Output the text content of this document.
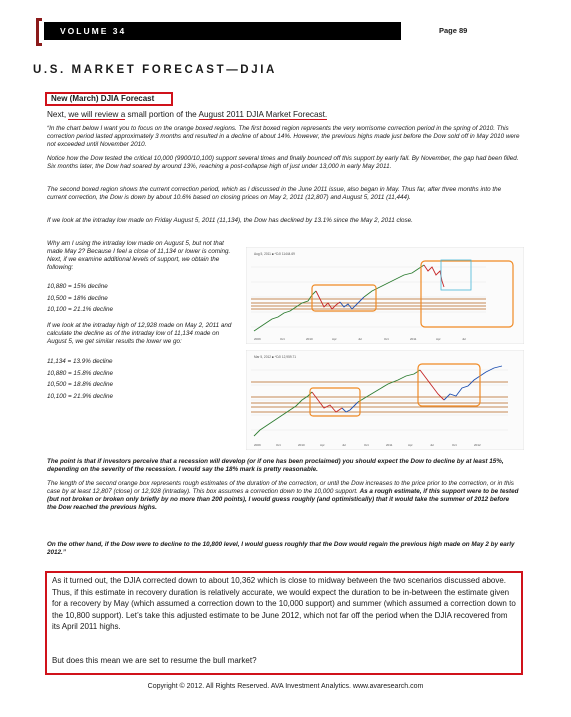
VOLUME 34	Page 89
U.S. MARKET FORECAST—DJIA
New (March) DJIA Forecast
Next, we will review a small portion of the August 2011 DJIA Market Forecast.

“In the chart below I want you to focus on the orange boxed regions. The first boxed region represents the very worrisome correction period in the spring of 2010. This correction period lasted approximately 3 months and resulted in a decline of about 14%. However, the previous highs made just before the Dow sold off in May 2010 were not exceeded until November 2010.

Notice how the Dow tested the critical 10,000 (9900/10,100) support several times and finally bounced off this support by early fall. By November, the gap had been filled. Six months later, the Dow had soared by around 13%, reaching a post-collapse high of just under 13,000 in early May 2011.

The second boxed region shows the current correction period, which as I discussed in the June 2011 issue, also began in May. Thus far, after three months into the current correction, the Dow is down by about 10.6% based on closing prices on May 2, 2011 (12,807) and August 5, 2011 (11,444).

If we look at the intraday low made on Friday August 5, 2011 (11,134), the Dow has declined by 13.1% since the May 2, 2011 close.

Why am I using the intraday low made on August 5, but not that made May 2? Because I feel a close of 11,134 or lower is coming. Next, if we examine additional levels of support, we obtain the following:

10,880 = 15% decline
10,500 = 18% decline
10,100 = 21.1% decline

If we look at the intraday high of 12,928 made on May 2, 2011 and calculate the decline as of the intraday low of 11,134 made on August 5, we get similar results the lower we go:

11,134 = 13.9% decline
10,880 = 15.8% decline
10,500 = 18.8% decline
10,100 = 21.9% decline
Aug 5, 2011 ■ ^DJI 11444.69
2009	Oct	2010	Apr	Jul	Oct	2011	Apr	Jul
Mar 5, 2012 ■ ^DJI 12,959.71
2009	Oct	2010	Apr	Jul	Oct	2011	Apr	Jul	Oct	2012

The point is that if investors perceive that a recession will develop (or if one has been proclaimed) you should expect the Dow to decline by at least 15%, depending on the severity of the recession. I would say the 18% mark is pretty reasonable.

The length of the second orange box represents rough estimates of the duration of the correction, or until the Dow increases to the price prior to the correction, or in this case by at least 12,807 (close) or 12,928 (intraday). This box assumes a correction down to the 10,000 support. As a rough estimate, if this support were to be tested (but not broken or broken only briefly by no more than 200 points), I would guess roughly (and optimistically) that it would take the summer of 2012 before the Dow reached the previous highs.

On the other hand, if the Dow were to decline to the 10,800 level, I would guess roughly that the Dow would regain the previous high made on May 2 by early 2012.”

As it turned out, the DJIA corrected down to about 10,362 which is close to midway between the two scenarios discussed above. Thus, if this estimate in recovery duration is relatively accurate, we would expect the duration to be in-between the estimate given for a recovery by May (which assumed a correction down to the 10,000 support) and summer (which assumed a correction down to the 10,800 support). Let’s take this adjusted estimate to be June 2012, which not far off the period when the DJIA recovered from its April 2011 highs.

But does this mean we are set to resume the bull market?

Copyright © 2012. All Rights Reserved. AVA Investment Analytics. www.avaresearch.com
